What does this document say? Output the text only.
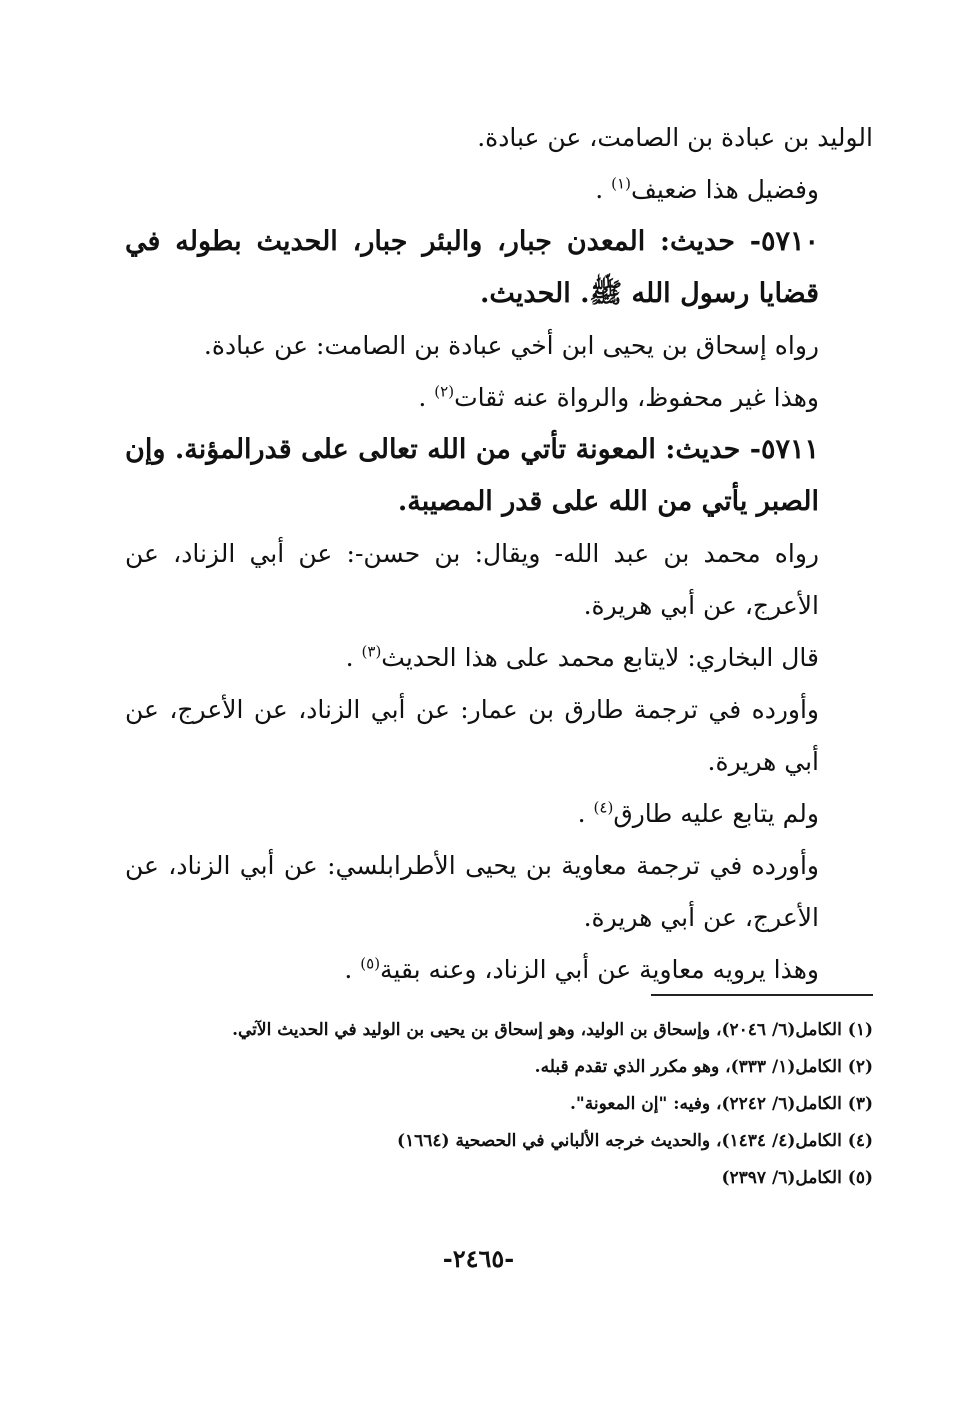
الوليد بن عبادة بن الصامت، عن عبادة.

وفضيل هذا ضعيف$^{(١)}$ .

٥٧١٠- حديث: المعدن جبار، والبئر جبار، الحديث بطوله في قضايا رسول الله ﷺ. الحديث.

رواه إسحاق بن يحيى ابن أخي عبادة بن الصامت: عن عبادة.

وهذا غير محفوظ، والرواة عنه ثقات$^{(٢)}$ .

٥٧١١- حديث: المعونة تأتي من الله تعالى على قدرالمؤنة. وإن الصبر يأتي من الله على قدر المصيبة.

رواه محمد بن عبد الله- ويقال: بن حسن-: عن أبي الزناد، عن الأعرج، عن أبي هريرة.

قال البخاري: لايتابع محمد على هذا الحديث$^{(٣)}$ .

وأورده في ترجمة طارق بن عمار: عن أبي الزناد، عن الأعرج، عن أبي هريرة.

ولم يتابع عليه طارق$^{(٤)}$ .

وأورده في ترجمة معاوية بن يحيى الأطرابلسي: عن أبي الزناد، عن الأعرج، عن أبي هريرة.

وهذا يرويه معاوية عن أبي الزناد، وعنه بقية$^{(٥)}$ .

(١) الكامل(٦/ ٢٠٤٦)، وإسحاق بن الوليد، وهو إسحاق بن يحيى بن الوليد في الحديث الآتي.

(٢) الكامل(١/ ٣٣٣)، وهو مكرر الذي تقدم قبله.

(٣) الكامل(٦/ ٢٢٤٢)، وفيه: "إن المعونة".

(٤) الكامل(٤/ ١٤٣٤)، والحديث خرجه الألباني في الحصحية (١٦٦٤)

(٥) الكامل(٦/ ٢٣٩٧)

-٢٤٦٥-
